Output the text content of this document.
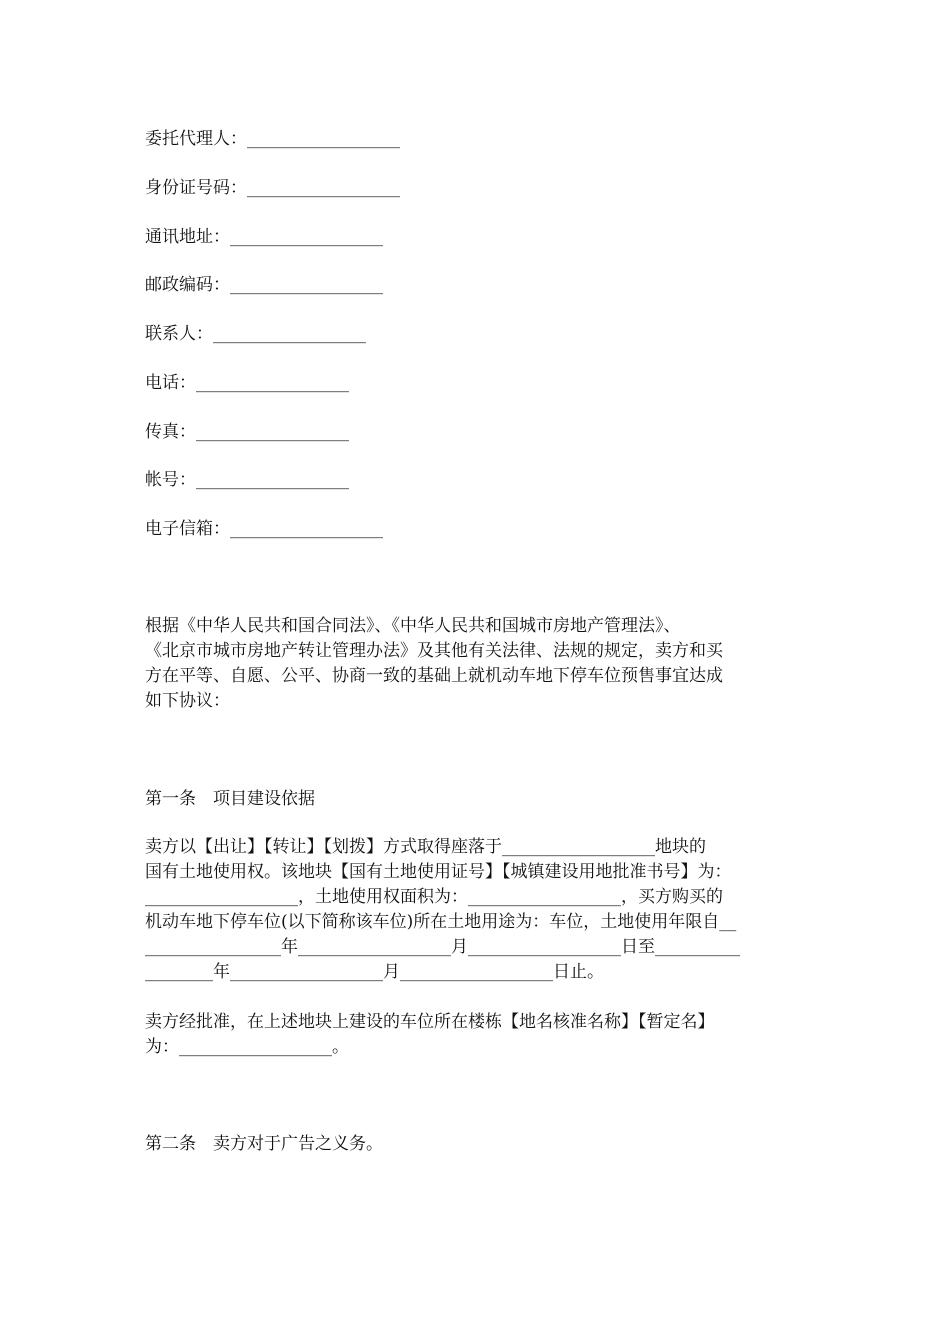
委托代理人：__________________
身份证号码：__________________
通讯地址：__________________
邮政编码：__________________
联系人：__________________
电话：__________________
传真：__________________
帐号：__________________
电子信箱：__________________
根据《中华人民共和国合同法》、《中华人民共和国城市房地产管理法》、
《北京市城市房地产转让管理办法》及其他有关法律、法规的规定，卖方和买
方在平等、自愿、公平、协商一致的基础上就机动车地下停车位预售事宜达成
如下协议：
第一条　项目建设依据
卖方以【出让】【转让】【划拨】方式取得座落于__________________地块的
国有土地使用权。该地块【国有土地使用证号】【城镇建设用地批准书号】为：
__________________，土地使用权面积为：__________________，买方购买的
机动车地下停车位(以下简称该车位)所在土地用途为：车位，土地使用年限自__
________________年__________________月__________________日至__________
________年__________________月__________________日止。
卖方经批准，在上述地块上建设的车位所在楼栋【地名核准名称】【暂定名】
为：__________________。
第二条　卖方对于广告之义务。
